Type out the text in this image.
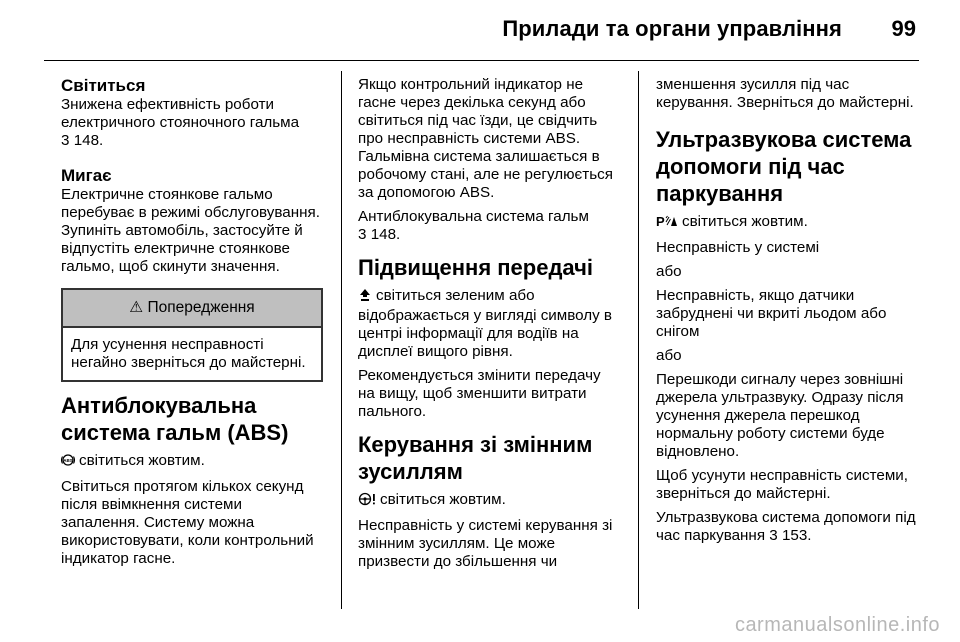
Прилади та органи управління 99
Світиться

Знижена ефективність роботи електричного стояночного гальма
3 148.

Мигає

Електричне стоянкове гальмо перебуває в режимі обслуговування. Зупиніть автомобіль, застосуйте й відпустіть електричне стоянкове гальмо, щоб скинути значення.

⚠ Попередження
Для усунення несправності негайно зверніться до майстерні.
Антиблокувальна система гальм (ABS)

ABS світиться жовтим.

Світиться протягом кількох секунд після ввімкнення системи запалення. Систему можна використовувати, коли контрольний індикатор гасне.

Якщо контрольний індикатор не гасне через декілька секунд або світиться під час їзди, це свідчить про несправність системи ABS. Гальмівна система залишається в робочому стані, але не регулюється за допомогою ABS.

Антиблокувальна система гальм
3 148.

Підвищення передачі

світиться зеленим або відображається у вигляді символу в центрі інформації для водіїв на дисплеї вищого рівня.

Рекомендується змінити передачу на вищу, щоб зменшити витрати пального.

Керування зі змінним зусиллям

світиться жовтим.

Несправність у системі керування зі змінним зусиллям. Це може призвести до збільшення чи

зменшення зусилля під час керування. Зверніться до майстерні.

Ультразвукова система допомоги під час паркування

P світиться жовтим.

Несправність у системі

або

Несправність, якщо датчики забруднені чи вкриті льодом або снігом

або

Перешкоди сигналу через зовнішні джерела ультразвуку. Одразу після усунення джерела перешкод нормальну роботу системи буде відновлено.

Щоб усунути несправність системи, зверніться до майстерні.

Ультразвукова система допомоги під час паркування 3 153.

carmanualsonline.info
